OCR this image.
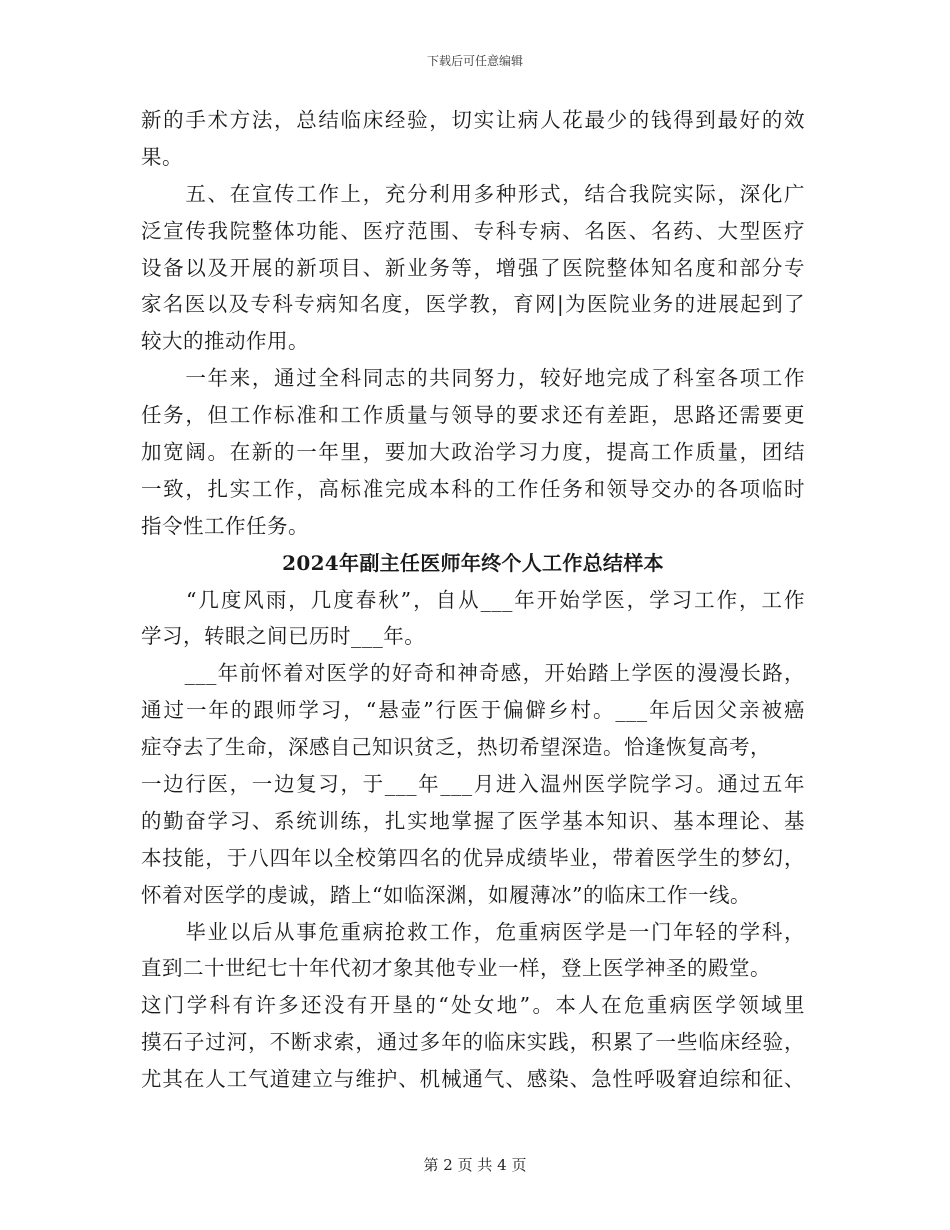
下载后可任意编辑
新的手术方法，总结临床经验，切实让病人花最少的钱得到最好的效
果。
　　五、在宣传工作上，充分利用多种形式，结合我院实际，深化广
泛宣传我院整体功能、医疗范围、专科专病、名医、名药、大型医疗
设备以及开展的新项目、新业务等，增强了医院整体知名度和部分专
家名医以及专科专病知名度，医学教，育网|为医院业务的进展起到了
较大的推动作用。
　　一年来，通过全科同志的共同努力，较好地完成了科室各项工作
任务，但工作标准和工作质量与领导的要求还有差距，思路还需要更
加宽阔。在新的一年里，要加大政治学习力度，提高工作质量，团结
一致，扎实工作，高标准完成本科的工作任务和领导交办的各项临时
指令性工作任务。
2024年副主任医师年终个人工作总结样本
　　“几度风雨，几度春秋”，自从___年开始学医，学习工作，工作
学习，转眼之间已历时___年。
　　___年前怀着对医学的好奇和神奇感，开始踏上学医的漫漫长路，
通过一年的跟师学习，“悬壶”行医于偏僻乡村。___年后因父亲被癌
症夺去了生命，深感自己知识贫乏，热切希望深造。恰逢恢复高考，
一边行医，一边复习，于___年___月进入温州医学院学习。通过五年
的勤奋学习、系统训练，扎实地掌握了医学基本知识、基本理论、基
本技能，于八四年以全校第四名的优异成绩毕业，带着医学生的梦幻，
怀着对医学的虔诚，踏上“如临深渊，如履薄冰”的临床工作一线。
　　毕业以后从事危重病抢救工作，危重病医学是一门年轻的学科，
直到二十世纪七十年代初才象其他专业一样，登上医学神圣的殿堂。
这门学科有许多还没有开垦的“处女地”。本人在危重病医学领域里
摸石子过河，不断求索，通过多年的临床实践，积累了一些临床经验，
尤其在人工气道建立与维护、机械通气、感染、急性呼吸窘迫综和征、
第 2 页 共 4 页
